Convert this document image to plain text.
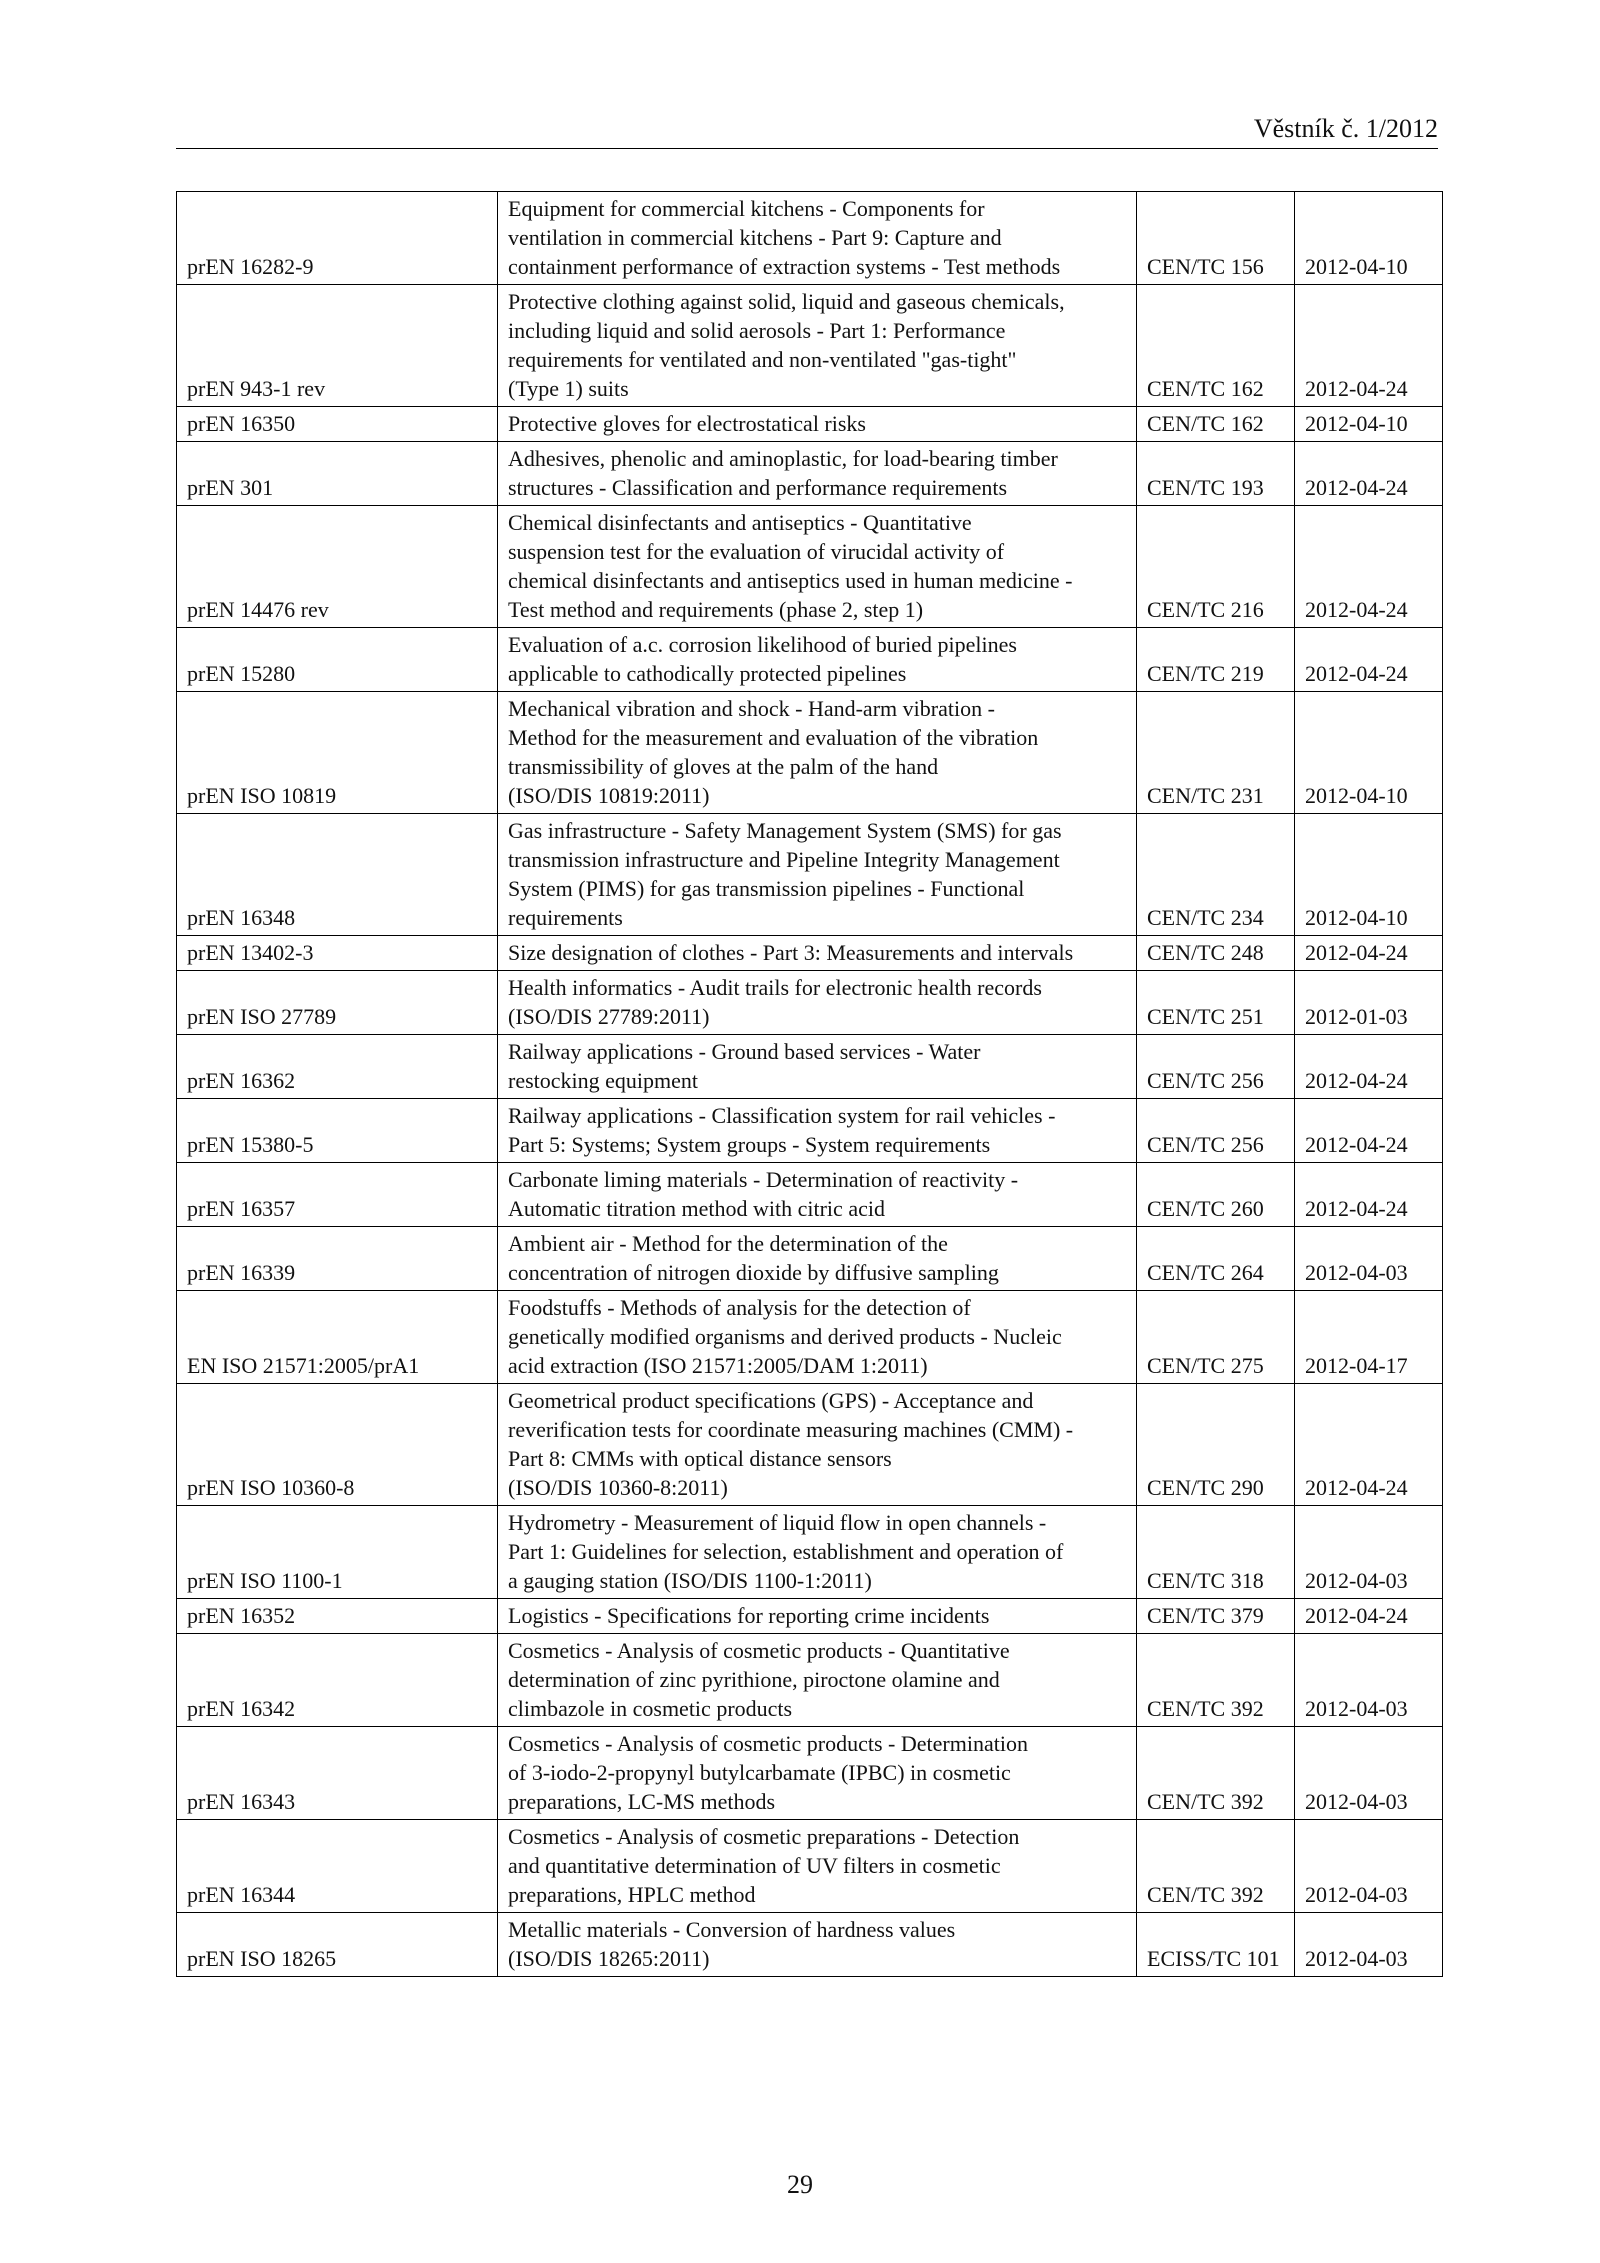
Věstník č. 1/2012
prEN 16282-9	Equipment for commercial kitchens - Components for
ventilation in commercial kitchens - Part 9: Capture and
containment performance of extraction systems - Test methods	CEN/TC 156	2012-04-10
prEN 943-1 rev	Protective clothing against solid, liquid and gaseous chemicals,
including liquid and solid aerosols - Part 1: Performance
requirements for ventilated and non-ventilated "gas-tight"
(Type 1) suits	CEN/TC 162	2012-04-24
prEN 16350	Protective gloves for electrostatical risks	CEN/TC 162	2012-04-10
prEN 301	Adhesives, phenolic and aminoplastic, for load-bearing timber
structures - Classification and performance requirements	CEN/TC 193	2012-04-24
prEN 14476 rev	Chemical disinfectants and antiseptics - Quantitative
suspension test for the evaluation of virucidal activity of
chemical disinfectants and antiseptics used in human medicine -
Test method and requirements (phase 2, step 1)	CEN/TC 216	2012-04-24
prEN 15280	Evaluation of a.c. corrosion likelihood of buried pipelines
applicable to cathodically protected pipelines	CEN/TC 219	2012-04-24
prEN ISO 10819	Mechanical vibration and shock - Hand-arm vibration -
Method for the measurement and evaluation of the vibration
transmissibility of gloves at the palm of the hand
(ISO/DIS 10819:2011)	CEN/TC 231	2012-04-10
prEN 16348	Gas infrastructure - Safety Management System (SMS) for gas
transmission infrastructure and Pipeline Integrity Management
System (PIMS) for gas transmission pipelines - Functional
requirements	CEN/TC 234	2012-04-10
prEN 13402-3	Size designation of clothes - Part 3: Measurements and intervals	CEN/TC 248	2012-04-24
prEN ISO 27789	Health informatics - Audit trails for electronic health records
(ISO/DIS 27789:2011)	CEN/TC 251	2012-01-03
prEN 16362	Railway applications - Ground based services - Water
restocking equipment	CEN/TC 256	2012-04-24
prEN 15380-5	Railway applications - Classification system for rail vehicles -
Part 5: Systems; System groups - System requirements	CEN/TC 256	2012-04-24
prEN 16357	Carbonate liming materials - Determination of reactivity -
Automatic titration method with citric acid	CEN/TC 260	2012-04-24
prEN 16339	Ambient air - Method for the determination of the
concentration of nitrogen dioxide by diffusive sampling	CEN/TC 264	2012-04-03
EN ISO 21571:2005/prA1	Foodstuffs - Methods of analysis for the detection of
genetically modified organisms and derived products - Nucleic
acid extraction (ISO 21571:2005/DAM 1:2011)	CEN/TC 275	2012-04-17
prEN ISO 10360-8	Geometrical product specifications (GPS) - Acceptance and
reverification tests for coordinate measuring machines (CMM) -
Part 8: CMMs with optical distance sensors
(ISO/DIS 10360-8:2011)	CEN/TC 290	2012-04-24
prEN ISO 1100-1	Hydrometry - Measurement of liquid flow in open channels -
Part 1: Guidelines for selection, establishment and operation of
a gauging station (ISO/DIS 1100-1:2011)	CEN/TC 318	2012-04-03
prEN 16352	Logistics - Specifications for reporting crime incidents	CEN/TC 379	2012-04-24
prEN 16342	Cosmetics - Analysis of cosmetic products - Quantitative
determination of zinc pyrithione, piroctone olamine and
climbazole in cosmetic products	CEN/TC 392	2012-04-03
prEN 16343	Cosmetics - Analysis of cosmetic products - Determination
of 3-iodo-2-propynyl butylcarbamate (IPBC) in cosmetic
preparations, LC-MS methods	CEN/TC 392	2012-04-03
prEN 16344	Cosmetics - Analysis of cosmetic preparations - Detection
and quantitative determination of UV filters in cosmetic
preparations, HPLC method	CEN/TC 392	2012-04-03
prEN ISO 18265	Metallic materials - Conversion of hardness values
(ISO/DIS 18265:2011)	ECISS/TC 101	2012-04-03
29
